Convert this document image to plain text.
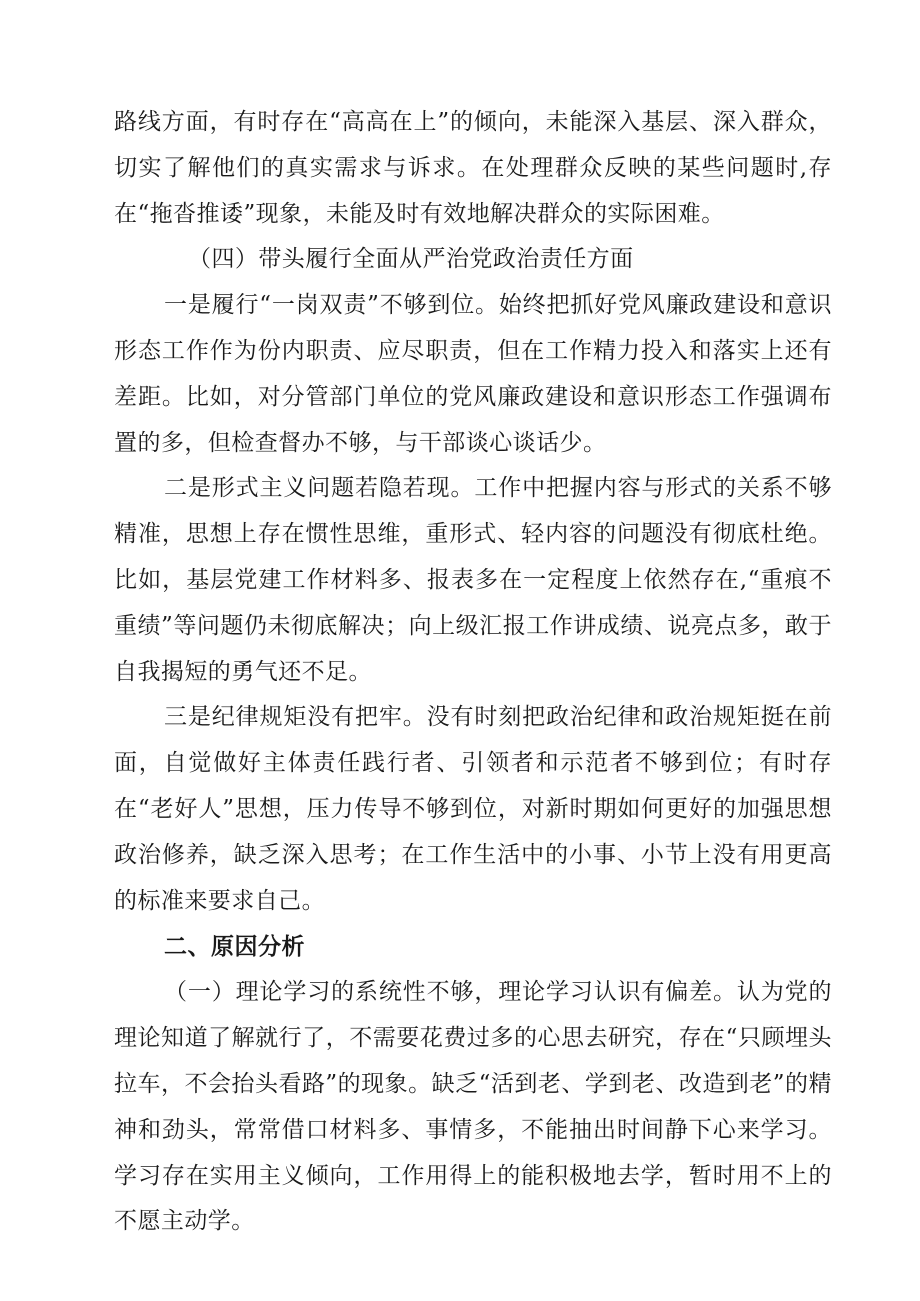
路线方面，有时存在“高高在上”的倾向，未能深入基层、深入群众，切实了解他们的真实需求与诉求。在处理群众反映的某些问题时,存在“拖沓推诿”现象，未能及时有效地解决群众的实际困难。

（四）带头履行全面从严治党政治责任方面

一是履行“一岗双责”不够到位。始终把抓好党风廉政建设和意识形态工作作为份内职责、应尽职责，但在工作精力投入和落实上还有差距。比如，对分管部门单位的党风廉政建设和意识形态工作强调布置的多，但检查督办不够，与干部谈心谈话少。

二是形式主义问题若隐若现。工作中把握内容与形式的关系不够精准，思想上存在惯性思维，重形式、轻内容的问题没有彻底杜绝。比如，基层党建工作材料多、报表多在一定程度上依然存在,“重痕不重绩”等问题仍未彻底解决；向上级汇报工作讲成绩、说亮点多，敢于自我揭短的勇气还不足。

三是纪律规矩没有把牢。没有时刻把政治纪律和政治规矩挺在前面，自觉做好主体责任践行者、引领者和示范者不够到位；有时存在“老好人”思想，压力传导不够到位，对新时期如何更好的加强思想政治修养，缺乏深入思考；在工作生活中的小事、小节上没有用更高的标准来要求自己。

二、原因分析

（一）理论学习的系统性不够，理论学习认识有偏差。认为党的理论知道了解就行了，不需要花费过多的心思去研究，存在“只顾埋头拉车，不会抬头看路”的现象。缺乏“活到老、学到老、改造到老”的精神和劲头，常常借口材料多、事情多，不能抽出时间静下心来学习。学习存在实用主义倾向，工作用得上的能积极地去学，暂时用不上的不愿主动学。
